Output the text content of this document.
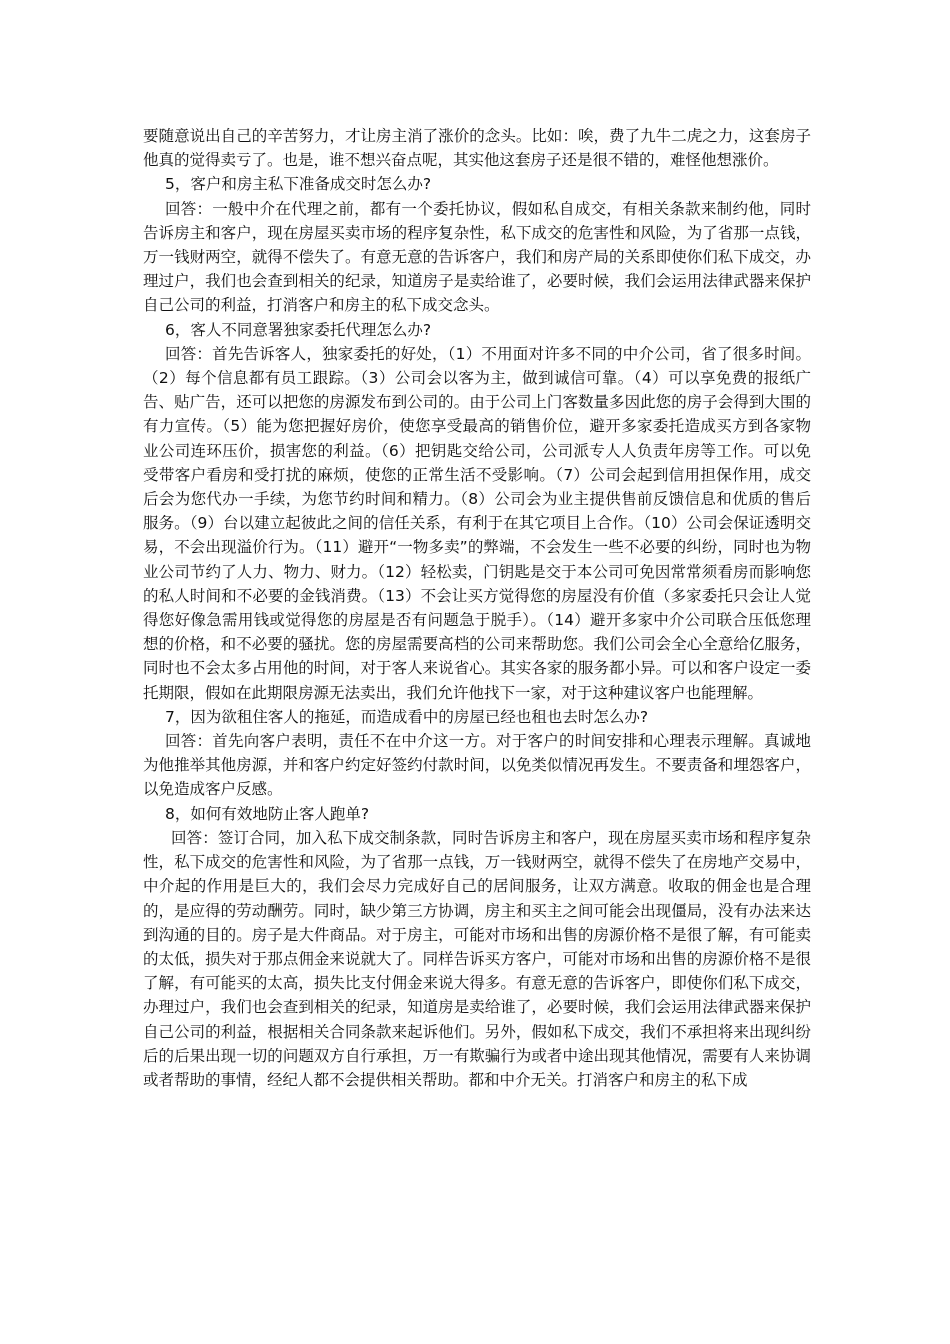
要随意说出自己的辛苦努力，才让房主消了涨价的念头。比如：唉，费了九牛二虎之力，这套房子他真的觉得卖亏了。也是，谁不想兴奋点呢，其实他这套房子还是很不错的，难怪他想涨价。

5，客户和房主私下准备成交时怎么办?

回答：一般中介在代理之前，都有一个委托协议，假如私自成交，有相关条款来制约他，同时告诉房主和客户，现在房屋买卖市场的程序复杂性，私下成交的危害性和风险，为了省那一点钱，万一钱财两空，就得不偿失了。有意无意的告诉客户，我们和房产局的关系即使你们私下成交，办理过户，我们也会查到相关的纪录，知道房子是卖给谁了，必要时候，我们会运用法律武器来保护自己公司的利益，打消客户和房主的私下成交念头。

6，客人不同意署独家委托代理怎么办?

回答：首先告诉客人，独家委托的好处，（1）不用面对许多不同的中介公司，省了很多时间。（2）每个信息都有员工跟踪。（3）公司会以客为主，做到诚信可靠。（4）可以享免费的报纸广告、贴广告，还可以把您的房源发布到公司的。由于公司上门客数量多因此您的房子会得到大围的有力宣传。（5）能为您把握好房价，使您享受最高的销售价位，避开多家委托造成买方到各家物业公司连环压价，损害您的利益。（6）把钥匙交给公司，公司派专人人负责年房等工作。可以免受带客户看房和受打扰的麻烦，使您的正常生活不受影响。（7）公司会起到信用担保作用，成交后会为您代办一手续，为您节约时间和精力。（8）公司会为业主提供售前反馈信息和优质的售后服务。（9）台以建立起彼此之间的信任关系，有利于在其它项目上合作。（10）公司会保证透明交易，不会出现溢价行为。（11）避开“一物多卖”的弊端，不会发生一些不必要的纠纷，同时也为物业公司节约了人力、物力、财力。（12）轻松卖，门钥匙是交于本公司可免因常常须看房而影响您的私人时间和不必要的金钱消费。（13）不会让买方觉得您的房屋没有价值（多家委托只会让人觉得您好像急需用钱或觉得您的房屋是否有问题急于脱手）。（14）避开多家中介公司联合压低您理想的价格，和不必要的骚扰。您的房屋需要高档的公司来帮助您。我们公司会全心全意给亿服务，同时也不会太多占用他的时间，对于客人来说省心。其实各家的服务都小异。可以和客户设定一委托期限，假如在此期限房源无法卖出，我们允许他找下一家，对于这种建议客户也能理解。

7，因为欲租住客人的拖延，而造成看中的房屋已经也租也去时怎么办?

回答：首先向客户表明，责任不在中介这一方。对于客户的时间安排和心理表示理解。真诚地为他推举其他房源，并和客户约定好签约付款时间，以免类似情况再发生。不要责备和埋怨客户，以免造成客户反感。

8，如何有效地防止客人跑单?

回答：签订合同，加入私下成交制条款，同时告诉房主和客户，现在房屋买卖市场和程序复杂性，私下成交的危害性和风险，为了省那一点钱，万一钱财两空，就得不偿失了在房地产交易中，中介起的作用是巨大的，我们会尽力完成好自己的居间服务，让双方满意。收取的佣金也是合理的，是应得的劳动酬劳。同时，缺少第三方协调，房主和买主之间可能会出现僵局，没有办法来达到沟通的目的。房子是大件商品。对于房主，可能对市场和出售的房源价格不是很了解，有可能卖的太低，损失对于那点佣金来说就大了。同样告诉买方客户，可能对市场和出售的房源价格不是很了解，有可能买的太高，损失比支付佣金来说大得多。有意无意的告诉客户，即使你们私下成交，办理过户，我们也会查到相关的纪录，知道房是卖给谁了，必要时候，我们会运用法律武器来保护自己公司的利益，根据相关合同条款来起诉他们。另外，假如私下成交，我们不承担将来出现纠纷后的后果出现一切的问题双方自行承担，万一有欺骗行为或者中途出现其他情况，需要有人来协调或者帮助的事情，经纪人都不会提供相关帮助。都和中介无关。打消客户和房主的私下成
